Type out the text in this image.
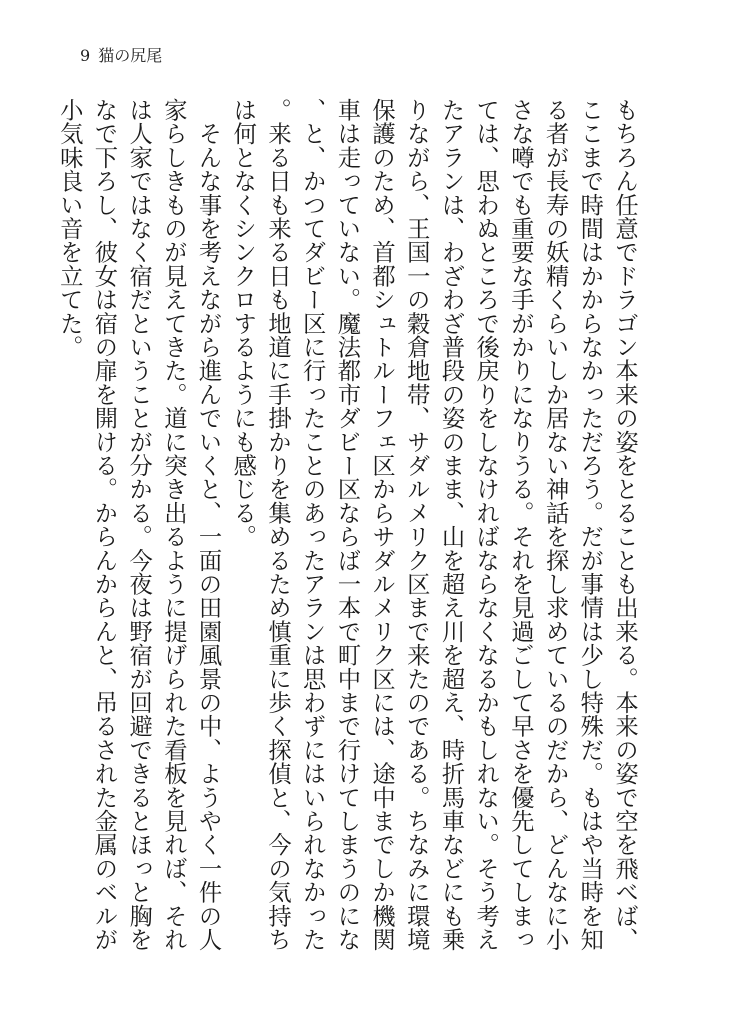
9 猫の尻尾

もちろん任意でドラゴン本来の姿をとることも出来る。本来の姿で空を飛べば、ここまで時間はかからなかっただろう。だが事情は少し特殊だ。もはや当時を知る者が長寿の妖精くらいしか居ない神話を探し求めているのだから、どんなに小さな噂でも重要な手がかりになりうる。それを見過ごして早さを優先してしまっては、思わぬところで後戻りをしなければならなくなるかもしれない。そう考えたアランは、わざわざ普段の姿のまま、山を超え川を超え、時折馬車などにも乗りながら、王国一の穀倉地帯、サダルメリク区まで来たのである。ちなみに環境保護のため、首都シュトルーフェ区からサダルメリク区には、途中までしか機関車は走っていない。魔法都市ダビー区ならば一本で町中まで行けてしまうのにな、と、かつてダビー区に行ったことのあったアランは思わずにはいられなかった。来る日も来る日も地道に手掛かりを集めるため慎重に歩く探偵と、今の気持ちは何となくシンクロするようにも感じる。

　そんな事を考えながら進んでいくと、一面の田園風景の中、ようやく一件の人家らしきものが見えてきた。道に突き出るように提げられた看板を見れば、それは人家ではなく宿だということが分かる。今夜は野宿が回避できるとほっと胸をなで下ろし、彼女は宿の扉を開ける。からんからんと、吊るされた金属のベルが小気味良い音を立てた。
